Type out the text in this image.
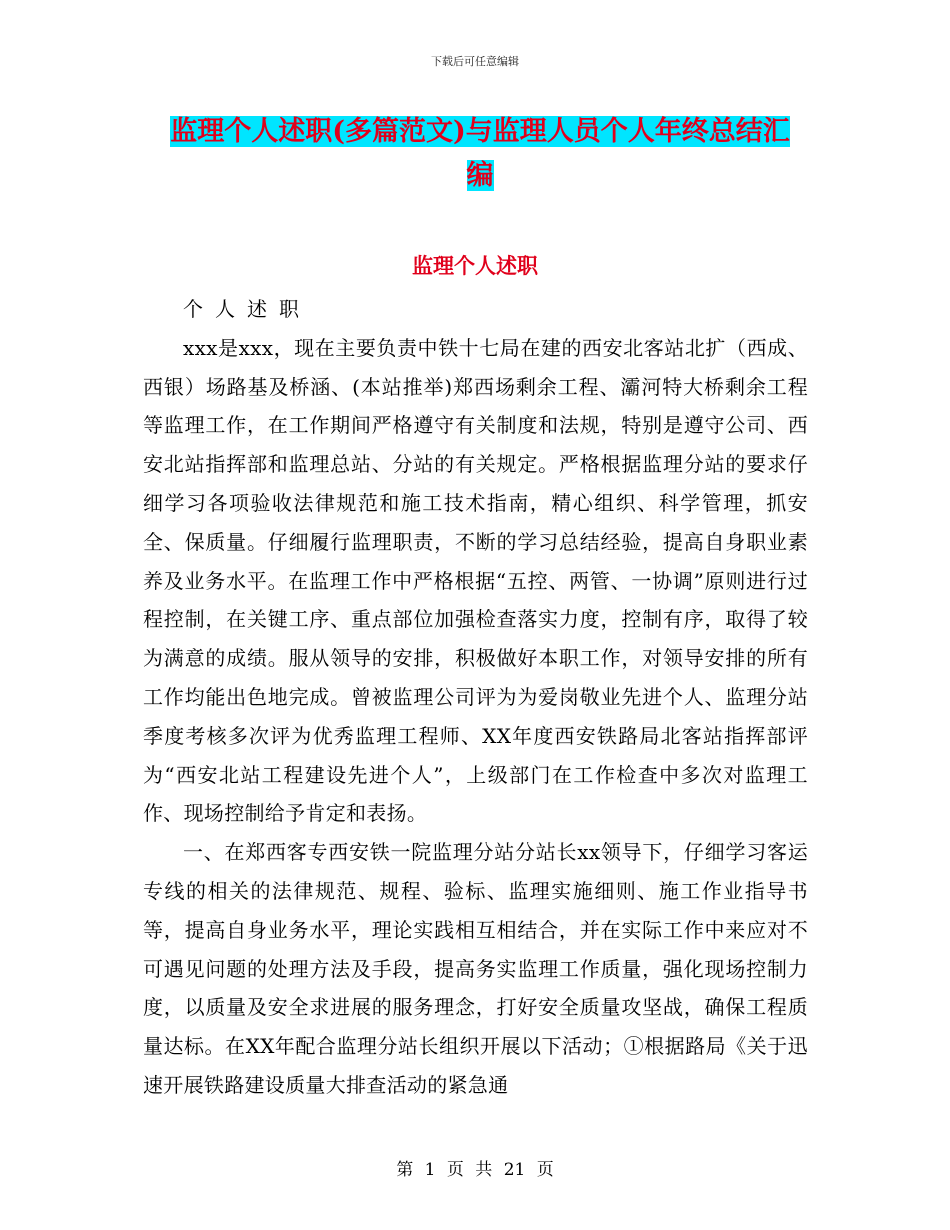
下载后可任意编辑
监理个人述职(多篇范文)与监理人员个人年终总结汇
编
监理个人述职

个人述职

xxx是xxx，现在主要负责中铁十七局在建的西安北客站北扩（西成、西银）场路基及桥涵、(本站推举)郑西场剩余工程、灞河特大桥剩余工程等监理工作，在工作期间严格遵守有关制度和法规，特别是遵守公司、西安北站指挥部和监理总站、分站的有关规定。严格根据监理分站的要求仔细学习各项验收法律规范和施工技术指南，精心组织、科学管理，抓安全、保质量。仔细履行监理职责，不断的学习总结经验，提高自身职业素养及业务水平。在监理工作中严格根据“五控、两管、一协调”原则进行过程控制，在关键工序、重点部位加强检查落实力度，控制有序，取得了较为满意的成绩。服从领导的安排，积极做好本职工作，对领导安排的所有工作均能出色地完成。曾被监理公司评为为爱岗敬业先进个人、监理分站季度考核多次评为优秀监理工程师、XX年度西安铁路局北客站指挥部评为“西安北站工程建设先进个人”，上级部门在工作检查中多次对监理工作、现场控制给予肯定和表扬。

一、在郑西客专西安铁一院监理分站分站长xx领导下，仔细学习客运专线的相关的法律规范、规程、验标、监理实施细则、施工作业指导书等，提高自身业务水平，理论实践相互相结合，并在实际工作中来应对不可遇见问题的处理方法及手段，提高务实监理工作质量，强化现场控制力度，以质量及安全求进展的服务理念，打好安全质量攻坚战，确保工程质量达标。在XX年配合监理分站长组织开展以下活动；①根据路局《关于迅速开展铁路建设质量大排查活动的紧急通

第 1 页 共 21 页
